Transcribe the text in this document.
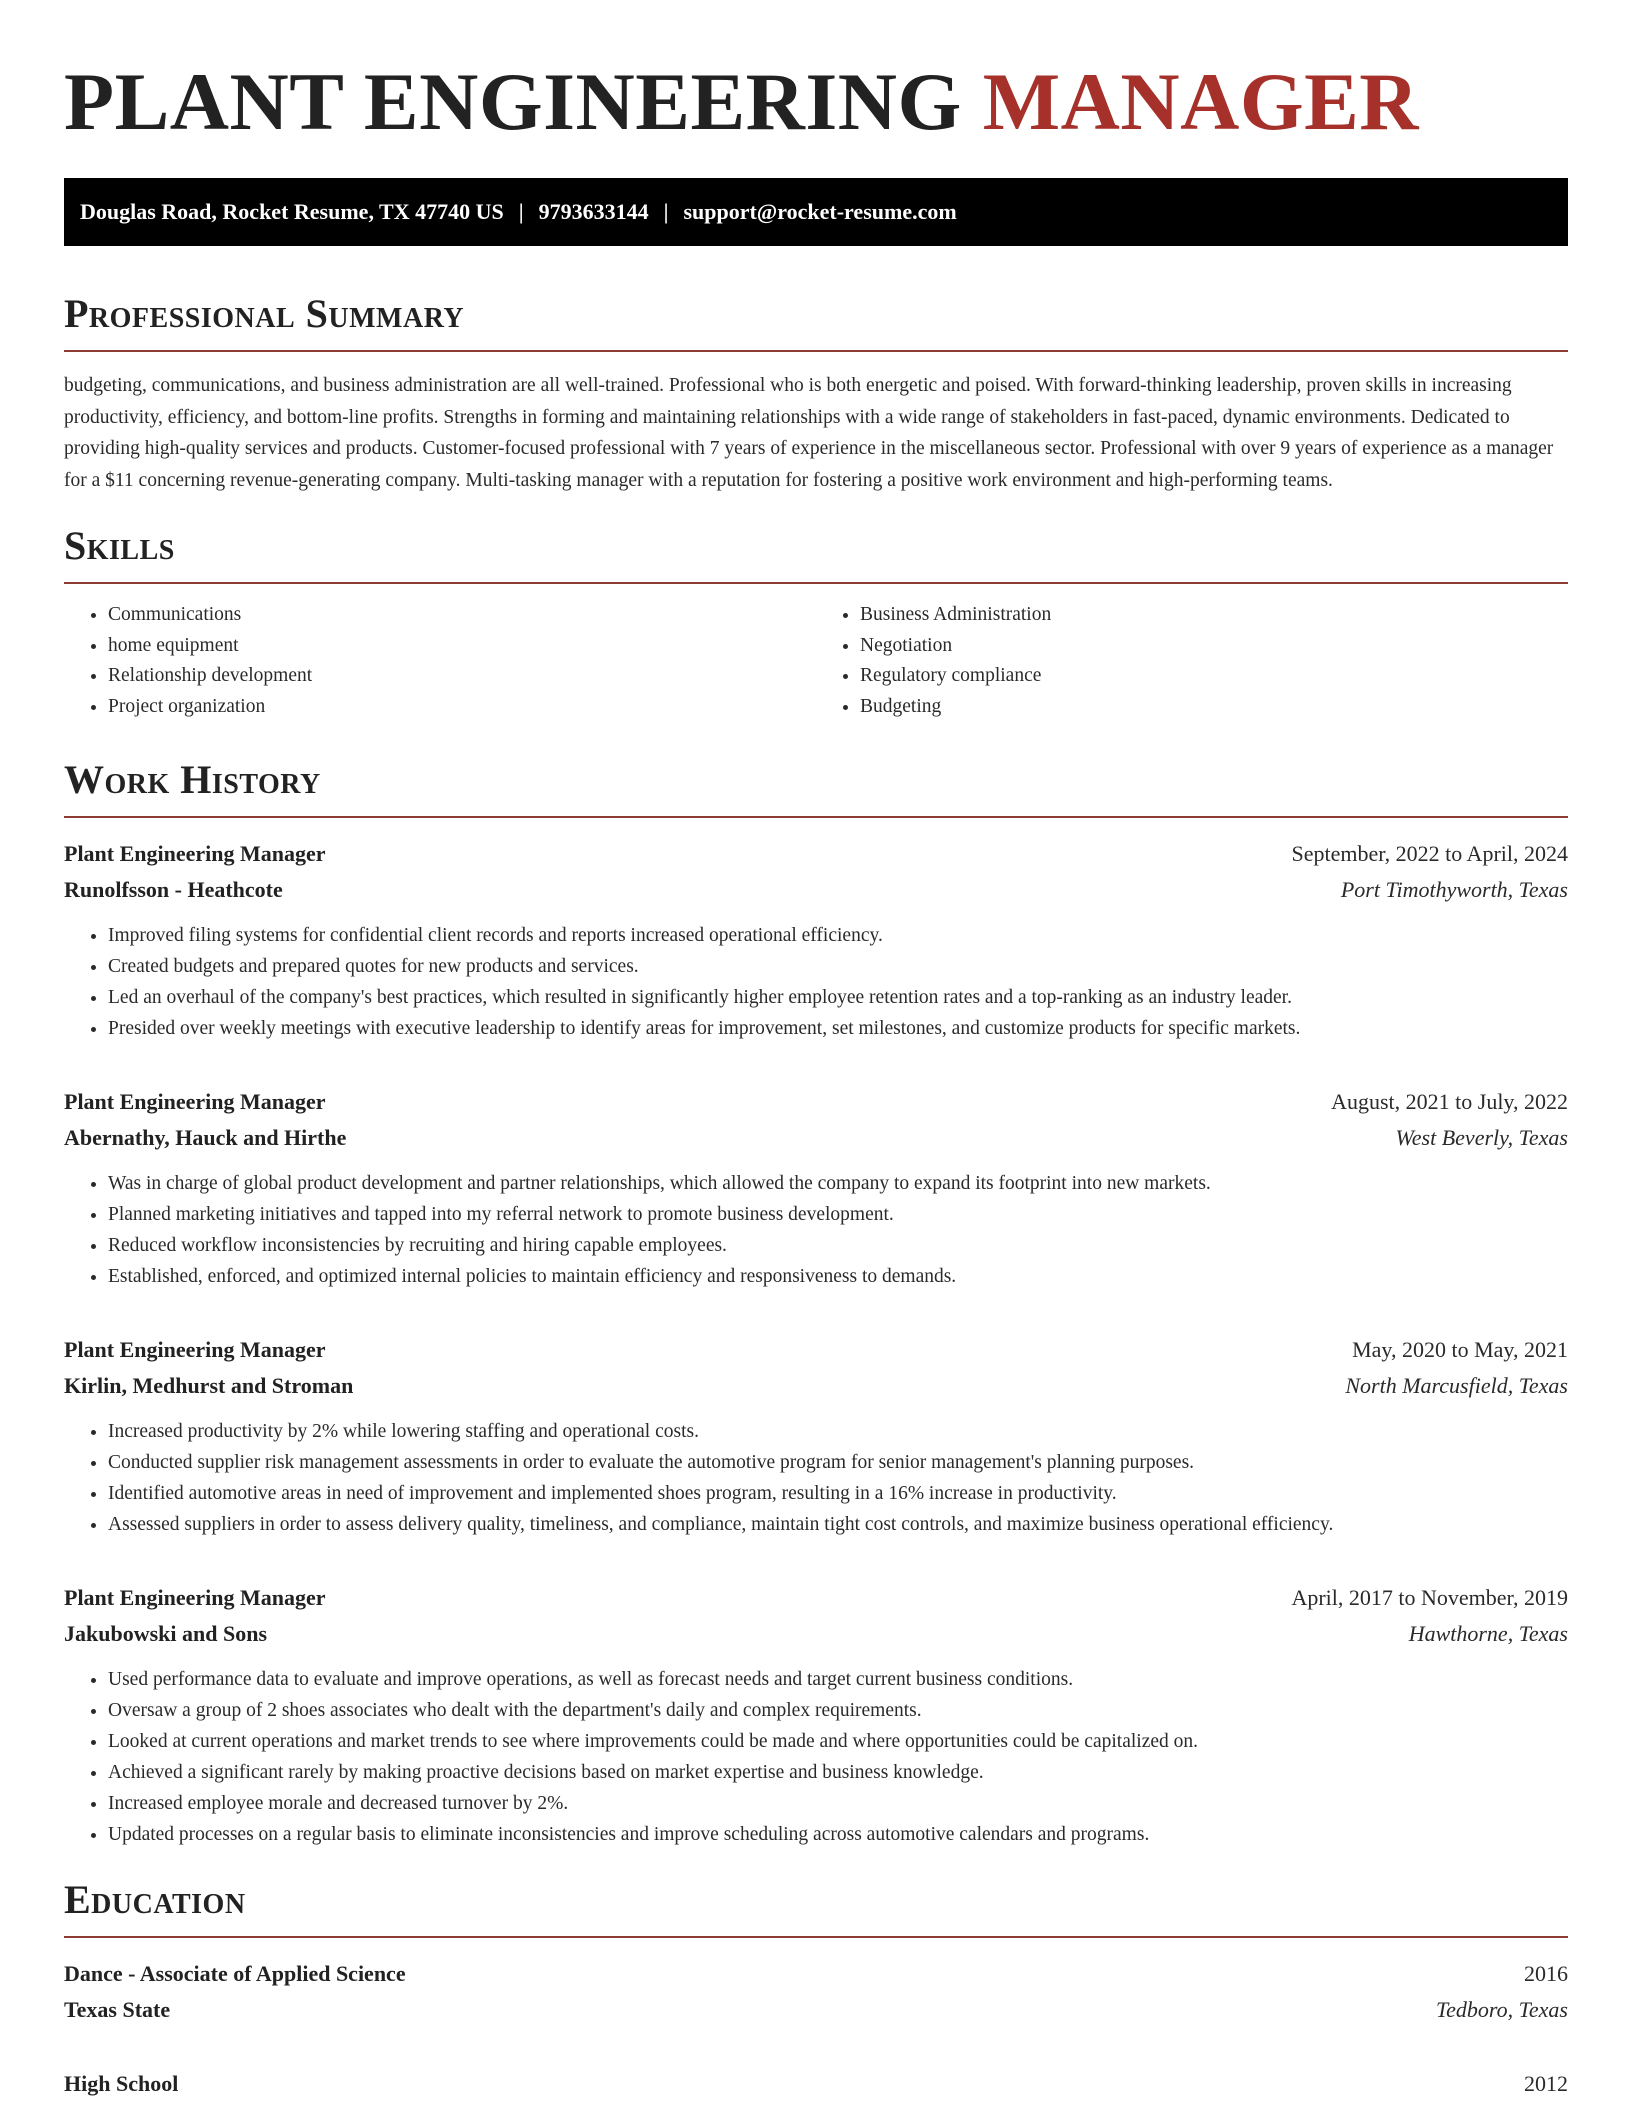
PLANT ENGINEERING MANAGER
Douglas Road, Rocket Resume, TX 47740 US | 9793633144 | support@rocket-resume.com
Professional Summary

budgeting, communications, and business administration are all well-trained. Professional who is both energetic and poised. With forward-thinking leadership, proven skills in increasing productivity, efficiency, and bottom-line profits. Strengths in forming and maintaining relationships with a wide range of stakeholders in fast-paced, dynamic environments. Dedicated to providing high-quality services and products. Customer-focused professional with 7 years of experience in the miscellaneous sector. Professional with over 9 years of experience as a manager for a $11 concerning revenue-generating company. Multi-tasking manager with a reputation for fostering a positive work environment and high-performing teams.

Skills
• Communications
• home equipment
• Relationship development
• Project organization
• Business Administration
• Negotiation
• Regulatory compliance
• Budgeting
Work History
Plant Engineering Manager	September, 2022 to April, 2024
Runolfsson - Heathcote	Port Timothyworth, Texas
• Improved filing systems for confidential client records and reports increased operational efficiency.
• Created budgets and prepared quotes for new products and services.
• Led an overhaul of the company's best practices, which resulted in significantly higher employee retention rates and a top-ranking as an industry leader.
• Presided over weekly meetings with executive leadership to identify areas for improvement, set milestones, and customize products for specific markets.
Plant Engineering Manager	August, 2021 to July, 2022
Abernathy, Hauck and Hirthe	West Beverly, Texas
• Was in charge of global product development and partner relationships, which allowed the company to expand its footprint into new markets.
• Planned marketing initiatives and tapped into my referral network to promote business development.
• Reduced workflow inconsistencies by recruiting and hiring capable employees.
• Established, enforced, and optimized internal policies to maintain efficiency and responsiveness to demands.
Plant Engineering Manager	May, 2020 to May, 2021
Kirlin, Medhurst and Stroman	North Marcusfield, Texas
• Increased productivity by 2% while lowering staffing and operational costs.
• Conducted supplier risk management assessments in order to evaluate the automotive program for senior management's planning purposes.
• Identified automotive areas in need of improvement and implemented shoes program, resulting in a 16% increase in productivity.
• Assessed suppliers in order to assess delivery quality, timeliness, and compliance, maintain tight cost controls, and maximize business operational efficiency.
Plant Engineering Manager	April, 2017 to November, 2019
Jakubowski and Sons	Hawthorne, Texas
• Used performance data to evaluate and improve operations, as well as forecast needs and target current business conditions.
• Oversaw a group of 2 shoes associates who dealt with the department's daily and complex requirements.
• Looked at current operations and market trends to see where improvements could be made and where opportunities could be capitalized on.
• Achieved a significant rarely by making proactive decisions based on market expertise and business knowledge.
• Increased employee morale and decreased turnover by 2%.
• Updated processes on a regular basis to eliminate inconsistencies and improve scheduling across automotive calendars and programs.
Education
Dance - Associate of Applied Science	2016
Texas State	Tedboro, Texas
High School	2012
